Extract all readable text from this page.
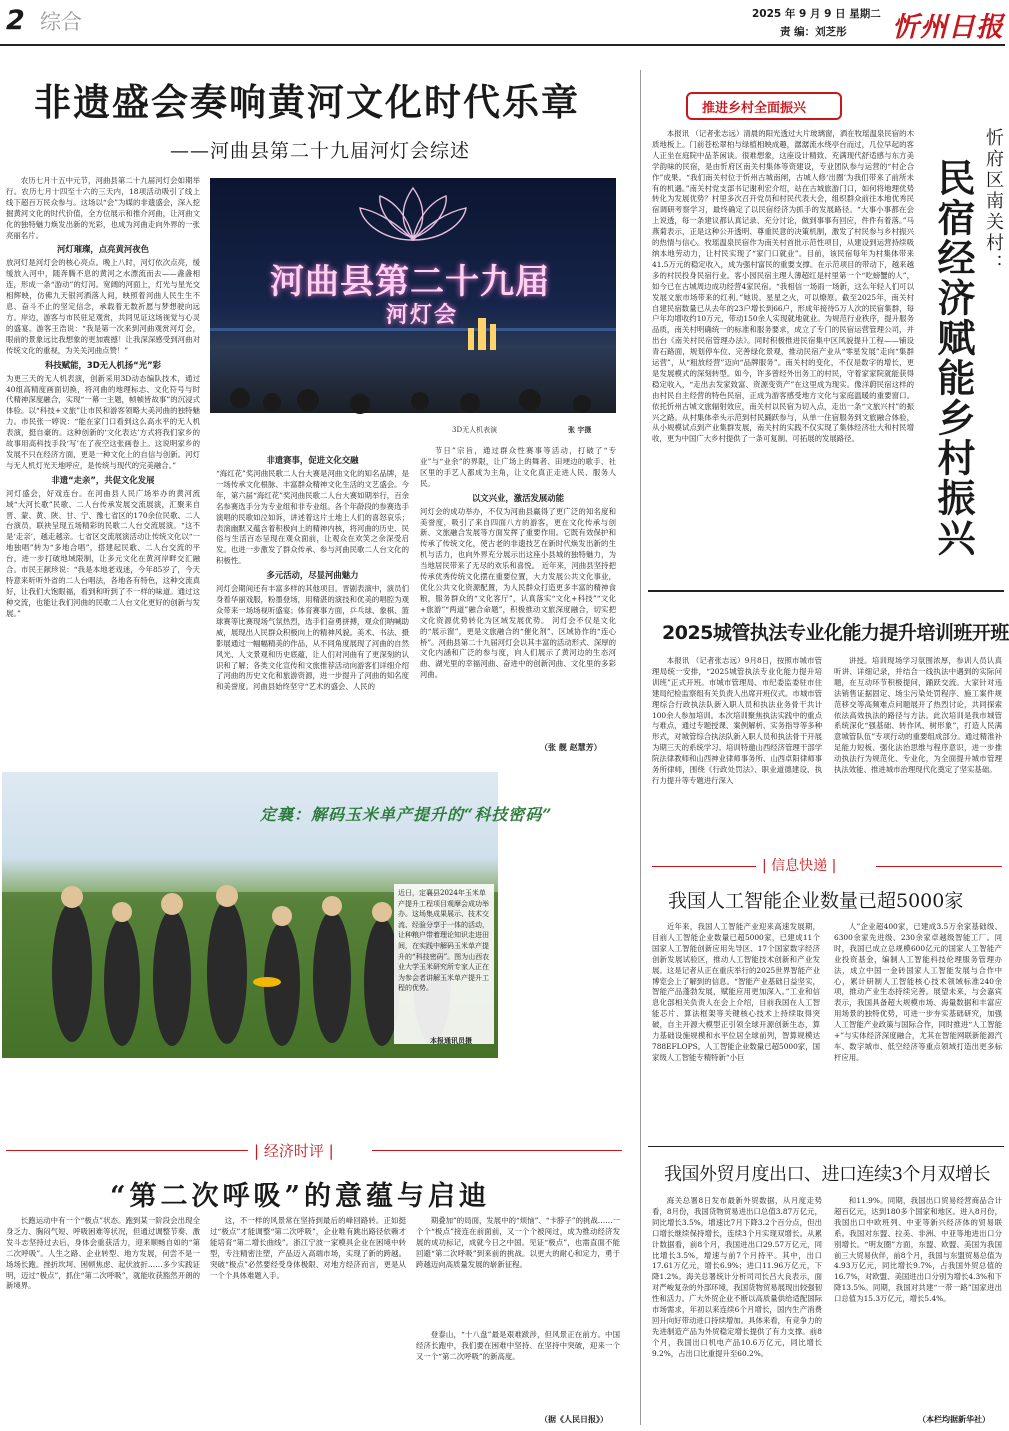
2 综合	2025 年 9 月 9 日 星期二
责 编：刘芝彤 忻州日报
非遗盛会奏响黄河文化时代乐章
——河曲县第二十九届河灯会综述
农历七月十五中元节，河曲县第二十九届河灯会如期举行。农历七月十四至十六的三天内，18项活动吸引了线上线下超百万民众参与。这场以“会”为媒的非遗盛会，深入挖掘黄河文化的时代价值，全方位展示和推介河曲，让河曲文化的独特魅力焕发出新的光彩，也成为河曲走向外界的一张亮丽名片。
河灯璀璨，点亮黄河夜色
放河灯是河灯会的核心亮点。晚上八时，河灯依次点亮，缓缓放入河中，随奔腾不息的黄河之水漂流而去——盏盏相连，形成一条“游动”的灯河。宽阔的河面上，灯光与星光交相辉映，仿佛九天银河洒落人间，映照着河曲人民生生不息、奋斗不止的坚定信念，承载着无数祈愿与梦想驶向远方。岸边，游客与市民驻足观赏，共同见证这场视觉与心灵的盛宴。游客王浩说：“我是第一次来到河曲观赏河灯会，眼前的景象远比我想象的更加震撼！让我深深感受到河曲对传统文化的重视，为关关河曲点赞！”
科技赋能，3D无人机扬“光”彩
为更三天的无人机表演，创新采用3D动态编队技术，通过40组高精度画面切换，将河曲的地理标志、文化符号与时代精神深度融合，实现“一幕一主题，帧帧皆故事”的沉浸式体验。以“科技+文旅”让市民和游客领略大美河曲的独特魅力。市民张一婷说：“能在家门口看到这么高水平的无人机表演，挺自豪的。这种创新的‘文化表达’方式将我们家乡的故事用高科技手段‘写’在了夜空这张画卷上。这说明家乡的发展不只在经济方面，更是一种文化上的自信与创新。河灯与无人机灯光天地呼应，是传统与现代的完美融合。”
非遗“走亲”，共促文化发展
河灯盛会，好戏连台。在河曲县人民广场举办的黄河流域“大河长歌”民歌、二人台传承发展交流展演，汇聚来自晋、蒙、黄、陕、甘、宁、豫七省区的170余位民歌、二人台演员，联袂呈现五场精彩的民歌二人台交流展演。“这不是‘走亲’，越走越亲。七省区交流展演活动让传统文化以“一地独唱”转为“多地合唱”，搭建起民歌、二人台交流的平台，进一步打破地域限制，让多元文化在黄河岸畔交汇融合。市民王献珍说：“我是本地老戏迷，今年85岁了，今天特意来听听外省的二人台唱法，各地各有特色，这种交流真好，让我们大饱眼福，看到和听到了不一样的味道。通过这种交流，也能让我们河曲的民歌二人台文化更好的创新与发展。”
河曲县第二十九届
河灯会
3D无人机表演	张 宇摄
非遗赛事，促进文化交融
“海红花”奖河曲民歌二人台大赛是河曲文化的知名品牌，是一场传承文化根脉、丰富群众精神文化生活的文艺盛会。今年，第六届“海红花”奖河曲民歌二人台大赛如期举行，百余名参赛选手分为专业组和非专业组。各个年龄段的参赛选手演唱的民歌如泣如诉，讲述着这片土地上人们的喜怒哀乐；表演幽默又蕴含着积极向上的精神内核，将河曲的历史、民俗与生活百态呈现在观众面前，让观众在欢笑之余深受启发。也进一步激发了群众传承、参与河曲民歌二人台文化的积极性。
多元活动，尽显河曲魅力
河灯会期间还有丰富多样的其他项目。晋剧表演中，演员们身着华丽戏服，粉墨登场，用精湛的演技和优美的唱腔为观众带来一场场视听盛宴；体育赛事方面，乒乓球、象棋、篮球赛等比赛现场气氛热烈，选手们奋勇拼搏，观众们呐喊助威，展现出人民群众积极向上的精神风貌。美术、书法、摄影展通过一幅幅精美的作品，从不同角度展现了河曲的自然风光、人文景观和历史底蕴，让人们对河曲有了更深刻的认识和了解；各类文化宣传和文旅推荐活动向游客们详细介绍了河曲的历史文化和旅游资源，进一步提升了河曲的知名度和美誉度。河曲县始终坚守“艺术的盛会、人民的
节日”宗旨，通过群众性赛事等活动，打破了“专业”与“业余”的界限，让广场上的舞者、田埂边的歌手、社区里的手艺人都成为主角，让文化真正走进人民、服务人民。
以文兴业，激活发展动能
河灯会的成功举办，不仅为河曲县赢得了更广泛的知名度和美誉度，吸引了来自四面八方的游客，更在文化传承与创新、文旅融合发展等方面发挥了重要作用。它既有效保护和传承了传统文化，使古老的非遗技艺在新时代焕发出新的生机与活力，也向外界充分展示出这座小县城的独特魅力，为当地居民带来了无尽的欢乐和喜悦。 近年来，河曲县坚持把传承优秀传统文化摆在重要位置，大力发展公共文化事业，优化公共文化资源配置，为人民群众打造更多丰富的精神食粮，服务群众的“文化客厅”，认真落实“文化+科技”“文化+旅游”“两道”融合命题”，积极推动文旅深度融合，切实把文化资源优势转化为区域发展优势。 河灯会不仅是文化的“展示窗”，更是文旅融合的“催化剂”、区域协作的“连心桥”。河曲县第二十九届河灯会以其丰富的活动形式、深厚的文化内涵和广泛的参与度，向人们展示了黄河边的生态河曲、湖光里的幸福河曲、奋进中的创新河曲、文化里的多彩河曲。
（张 靓 赵慧芳）
定襄：解码玉米单产提升的“科技密码”
近日，定襄县2024年玉米单产提升工程项目观摩会成功举办。这场集成果展示、技术交流、经验分享于一体的活动，让种粮户带着理论知识走进田间，在实践中解码玉米单产提升的“科技密码”。图为山西农业大学玉米研究所专家人正在为参会者讲解玉米单产提升工程的优势。
本报通讯员摄
| 经济时评 |
“第二次呼吸”的意蕴与启迪
长跑运动中有一个“极点”状态。跑到某一阶段会出现全身乏力、胸闷气短、呼吸困难等状况，但通过调整节奏、激发斗志坚持过去后，身体会重获活力，迎来顺畅自如的“第二次呼吸”。人生之路、企业转型、地方发展，何尝不是一场场长跑。挫折坎坷、困顿焦虑、起伏波折……多少实践证明，迈过“极点”，抓住“第二次呼吸”，就能收获豁然开朗的新境界。
这，不一样的风景常在坚持到最后的峰回路转。正如挺过“极点”才能调整“第二次呼吸”，企业唯有跳出路径依赖才能培育“第二增长曲线”。浙江宁波一家模具企业在困境中转型，专注精密注塑，产品迈入高端市场，实现了新的跨越。突破“极点”必然要经受身体极限、对地方经济而言，更是从一个个具体难题入手。
期叠加”的局面，发展中的“烦恼”、“卡脖子”的挑战……一个个“极点”接连在前面前，又一个个被闯过，成为推动经济发展的成功标记，成就今日之中国。见证“极点”，也需直面不能回避“第二次呼吸”到来前的挑战。以更大的耐心和定力，勇于跨越迈向高质量发展的崭新征程。
登泰山，“十八盘”最是艰难跋涉，但风景正在前方。中国经济长跑中，我们要在困难中坚持、在坚持中突破，迎来一个又一个“第二次呼吸”的新高度。
（据《人民日报》）
推进乡村全面振兴
本报讯 （记者张志远）清晨的阳光透过大片玻璃窗，洒在牧瑶温泉民宿的木质地板上。门前苍松翠柏与绿植相映成趣，潺潺流水绕亭台而过，几位早起的客人正坐在庭院中品茶闲谈。很难想象，这座设计精致、充满现代舒适感与东方美学韵味的民宿，是由忻府区南关村集体等资建设，专业团队参与运营的“村企合作”成果。“我们南关村位于忻州古城南闸，古城人修‘出圈’为我们带来了前所未有的机遇。”南关村党支部书记谢利宏介绍，站在古城旅游门口，如何将地理优势转化为发展优势？村里多次召开党员和村民代表大会，组织群众前往本地优秀民宿调研考察学习，最终确定了以民宿经济为抓手的发展路径。“大事小事都在会上说透，每一条建议都认真记录、充分讨论，做到事事有回应，件件有着落。”马燕菊表示，正是这种公开透明、尊重民意的决策机制，激发了村民参与乡村振兴的热情与信心。牧瑶温泉民宿作为南关村首批示范性项目，从建设到运营持续吸纳本地劳动力，让村民实现了“家门口就业”。目前，该民宿每年为村集体带来41.5万元的稳定收入，成为强村富民的重要支撑。在示范项目的带动下，越来越多的村民投身民宿行业。客小园民宿主理人薄超红是村里第一个“吃螃蟹的人”，如今已在古城周边成功经营4家民宿。“我相信一场雨一场新，这么年轻人们可以发展文旅市场带来的红利。”她说。星星之火，可以燎原。截至2025年，南关村自建民宿数量已从去年的23户增长到66户，形成年接待5万人次的民宿集群，每户年均增收约10万元，带动150余人实现就地就业。为规范行业秩序，提升服务品质，南关村明确统一的标准和服务要求，成立了专门的民宿运营管理公司，并出台《南关村民宿管理办法》。同时积极推进民宿集中区风貌提升工程——铺设青石路面，规划停车位、完善绿化景观，推动民宿产业从“零星发展”走向“集群运营”，从“粗放经营”迈向“品牌服务”。南关村的变化，不仅是数字的增长，更是发展模式的深刻转型。如今，许多曾经外出务工的村民，守着家家院就能获得稳定收入，“走出去发家致富、资源变资产”在这里成为现实。像洋蔚民宿这样的由村民自主经营的特色民宿，正成为游客感受地方文化与家庭温暖的重要窗口。依托忻州古城文旅辐射效应，南关村以民宿为切入点，走出一条“文旅兴村”的振兴之路。从村集体牵头示范到村民踊跃参与，从单一住宿服务到文旅融合体验，从小规模试点到产业集群发展，南关村的实践不仅实现了集体经济壮大和村民增收，更为中国广大乡村提供了一条可复制、可拓展的发展路径。
忻府区南关村：
民宿经济赋能乡村振兴
2025城管执法专业化能力提升培训班开班
本报讯 （记者张志远）9月8日，按照市城市管理局统一安排，“2025城管执法专业化能力提升培训班”正式开班。市城市管理局、市纪委监委驻市住建局纪检监察组有关负责人出席开班仪式。市城市管理综合行政执法队新入职人员和执法业务骨干共计100余人参加培训。本次培训聚焦执法实践中的重点与难点，通过专题授课、案例解析、实务指导等多种形式，对城管综合执法队新入职人员和执法骨干开展为期三天的系统学习。培训特邀山西经济管理干部学院法律教师和山西神业律师事务所、山西卓阳律师事务所律师，围绕《行政处罚法》、职业道德建设、执行力提升等专题进行深入
讲授。培训现场学习氛围浓厚，参训人员认真听讲、详细记录，并结合一线执法中遇到的实际问题，在互动环节积极提问，踊跃交流。大家针对违法销售证据固定、场尘污染处罚程序、施工案件规范移交等高频难点问题展开了热烈讨论，共同探索依法高效执法的路径与方法。此次培训是我市城管系统深化“强基础、转作风、树形象”，打造人民满意城管队伍”专项行动的重要组成部分。通过精准补足能力短板、强化法治思维与程序意识，进一步推动执法行为规范化、专业化，为全面提升城市管理执法效能、推进城市治理现代化奠定了坚实基础。
| 信息快递 |
我国人工智能企业数量已超5000家
近年来，我国人工智能产业迎来高速发展期，目前人工智能企业数量已超5000家，已建成11个国家人工智能创新应用先导区、17个国家数字经济创新发展试验区，推动人工智能技术创新和产业发展。这是记者从正在重庆举行的2025世界智能产业博览会上了解到的信息。“智能产业基础日益坚实，智能产品蓬勃发展，赋能应用更加深入。”工业和信息化部相关负责人在会上介绍，目前我国在人工智能芯片、算法框架等关键核心技术上持续取得突破，自主开源大模型正引领全球开源创新生态，算力基础设施规模和水平位居全球前列，智算规模达788EFLOPS。人工智能企业数量已超5000家，国家级人工智能专精特新“小巨
人”企业超400家，已建成3.5万余家基础级、6300余家先进级、230余家卓越级智能工厂。同时，我国已成立总规模600亿元的国家人工智能产业投资基金，编制人工智能科技伦理服务管理办法，成立中国一金砖国家人工智能发展与合作中心，累计研制人工智能核心技术领域标准240余项，推动产业生态持续完善。展望未来，与会嘉宾表示，我国具备超大规模市场、海量数据和丰富应用场景的独特优势，可进一步夯实基础研究，加强人工智能产业政策与国际合作，同时推进“人工智能+”与实体经济深度融合，尤其在智能网联新能源汽车、数字城市、低空经济等重点领域打造出更多标杆应用。
我国外贸月度出口、进口连续3个月双增长
海关总署8日发布最新外贸数据，从月度走势看，8月份，我国货物贸易进出口总值3.87万亿元，同比增长3.5%，增速比7月下降3.2个百分点，但出口增长继续保持增长，连续3个月实现双增长。从累计数据看，前8个月，我国进出口29.57万亿元，同比增长3.5%，增速与前7个月持平。其中，出口17.61万亿元，增长6.9%；进口11.96万亿元，下降1.2%。海关总署统计分析司司长吕大良表示，面对严峻复杂的外部环境，我国货物贸易展现出较强韧性和活力。广大外贸企业不断以高质量供给适配国际市场需求，年初以来连续6个月增长，国内生产消费回升向好带动进口持续增加。具体来看，有竞争力的先进制造产品为外贸稳定增长提供了有力支撑。前8个月，我国出口机电产品10.6万亿元，同比增长9.2%，占出口比重提升至60.2%。
和11.9%。同期，我国出口贸易经营商品合计超百亿元，达到180多个国家和地区。进入8月份，我国出口中欧班列、中亚等新兴经济体的贸易联系。我国对东盟、拉美、非洲、中亚等地进出口分别增长。“明友圈”方面，东盟、欧盟、美国为我国前三大贸易伙伴，前8个月，我国与东盟贸易总值为4.93万亿元，同比增长9.7%，占我国外贸总值的16.7%，对欧盟、美国进出口分别为增长4.3%和下降13.5%。同期，我国对共建“一带一路”国家进出口总值为15.3万亿元，增长5.4%。
（本栏均据新华社）
